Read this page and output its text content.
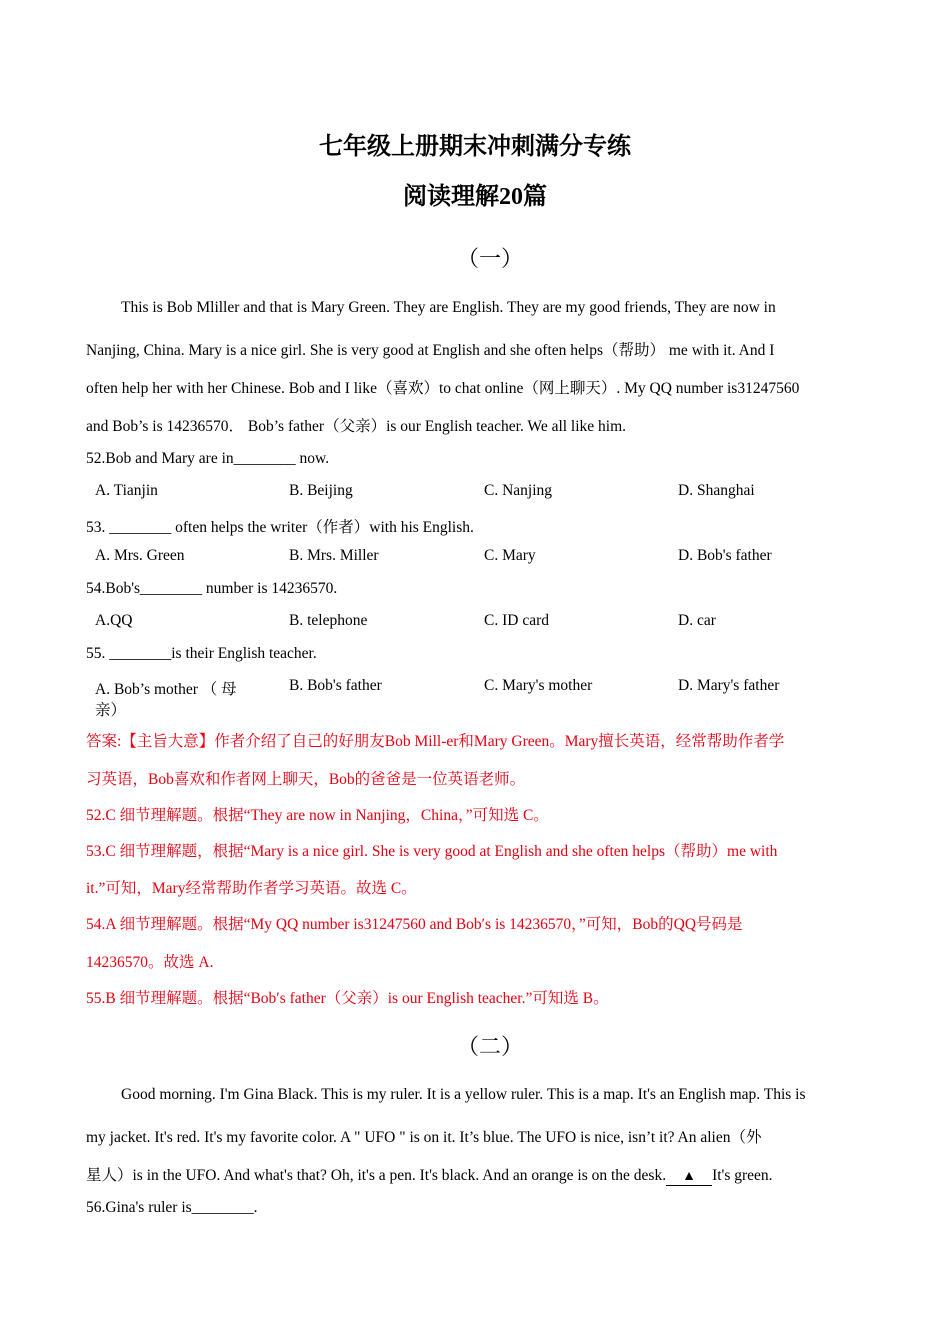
七年级上册期末冲刺满分专练
阅读理解20篇
（一）
This is Bob Mliller and that is Mary Green. They are English. They are my good friends, They are now in
Nanjing, China. Mary is a nice girl. She is very good at English and she often helps（帮助） me with it. And I
often help her with her Chinese. Bob and I like（喜欢）to chat online（网上聊天）. My QQ number is31247560
and Bob’s is 14236570． Bob’s father（父亲）is our English teacher. We all like him.
52.Bob and Mary are in________ now.
A. Tianjin	B. Beijing	C. Nanjing	D. Shanghai
53. ________ often helps the writer（作者）with his English.
A. Mrs. Green	B. Mrs. Miller	C. Mary	D. Bob's father
54.Bob's________ number is 14236570.
A.QQ	B. telephone	C. ID card	D. car
55. ________is their English teacher.
A. Bob’s mother （ 母
亲）
B. Bob's father	C. Mary's mother	D. Mary's father
答案:【主旨大意】作者介绍了自己的好朋友Bob Mill-er和Mary Green。Mary擅长英语，经常帮助作者学
习英语，Bob喜欢和作者网上聊天，Bob的爸爸是一位英语老师。
52.C 细节理解题。根据“They are now in Nanjing，China，”可知选 C。
53.C 细节理解题，根据“Mary is a nice girl. She is very good at English and she often helps（帮助）me with
it.”可知，Mary经常帮助作者学习英语。故选 C。
54.A 细节理解题。根据“My QQ number is31247560 and Bob′s is 14236570，”可知，Bob的QQ号码是
14236570。故选 A.
55.B 细节理解题。根据“Bob′s father（父亲）is our English teacher.”可知选 B。
（二）
Good morning. I'm Gina Black. This is my ruler. It is a yellow ruler. This is a map. It's an English map. This is
my jacket. It's red. It's my favorite color. A " UFO " is on it. It’s blue. The UFO is nice, isn’t it? An alien（外
星人）is in the UFO. And what's that? Oh, it's a pen. It's black. And an orange is on the desk. ▲ It's green.
56.Gina's ruler is________.
